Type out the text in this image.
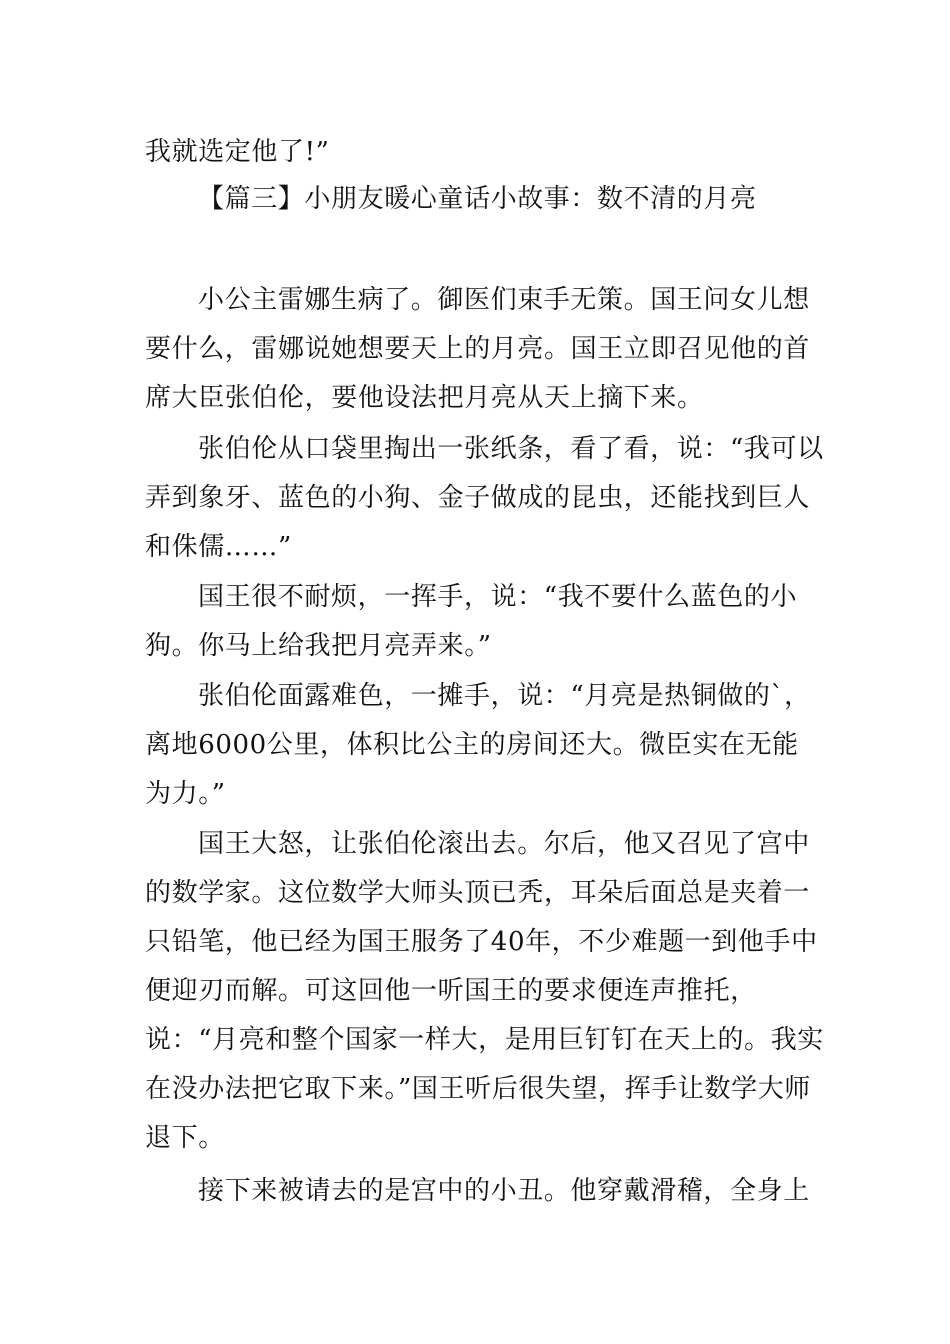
我就选定他了!”

【篇三】小朋友暖心童话小故事：数不清的月亮

小公主雷娜生病了。御医们束手无策。国王问女儿想要什么，雷娜说她想要天上的月亮。国王立即召见他的首席大臣张伯伦，要他设法把月亮从天上摘下来。

张伯伦从口袋里掏出一张纸条，看了看，说：“我可以弄到象牙、蓝色的小狗、金子做成的昆虫，还能找到巨人和侏儒……”

国王很不耐烦，一挥手，说：“我不要什么蓝色的小狗。你马上给我把月亮弄来。”

张伯伦面露难色，一摊手，说：“月亮是热铜做的`，离地6000公里，体积比公主的房间还大。微臣实在无能为力。”

国王大怒，让张伯伦滚出去。尔后，他又召见了宫中的数学家。这位数学大师头顶已秃，耳朵后面总是夹着一只铅笔，他已经为国王服务了40年，不少难题一到他手中便迎刃而解。可这回他一听国王的要求便连声推托，说：“月亮和整个国家一样大，是用巨钉钉在天上的。我实在没办法把它取下来。”国王听后很失望，挥手让数学大师退下。

接下来被请去的是宫中的小丑。他穿戴滑稽，全身上
